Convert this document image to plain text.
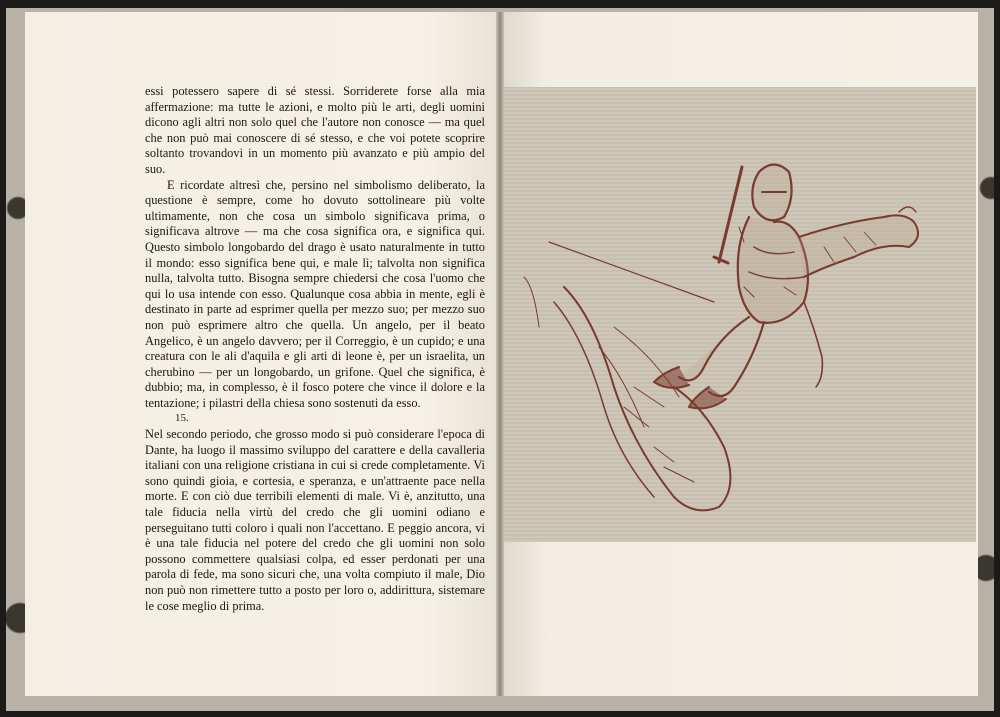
essi potessero sapere di sé stessi. Sorriderete forse alla mia affermazione: ma tutte le azioni, e molto più le arti, degli uomini dicono agli altri non solo quel che l'autore non conosce — ma quel che non può mai conoscere di sé stesso, e che voi potete scoprire soltanto trovandovi in un momento più avanzato e più ampio del suo.

E ricordate altresì che, persino nel simbolismo deliberato, la questione è sempre, come ho dovuto sottolineare più volte ultimamente, non che cosa un simbolo significava prima, o significava altrove — ma che cosa significa ora, e significa qui. Questo simbolo longobardo del drago è usato naturalmente in tutto il mondo: esso significa bene qui, e male lì; talvolta non significa nulla, talvolta tutto. Bisogna sempre chiedersi che cosa l'uomo che qui lo usa intende con esso. Qualunque cosa abbia in mente, egli è destinato in parte ad esprimer quella per mezzo suo; per mezzo suo non può esprimere altro che quella. Un angelo, per il beato Angelico, è un angelo davvero; per il Correggio, è un cupido; e una creatura con le ali d'aquila e gli arti di leone è, per un israelita, un cherubino — per un longobardo, un grifone. Quel che significa, è dubbio; ma, in complesso, è il fosco potere che vince il dolore e la tentazione; i pilastri della chiesa sono sostenuti da esso.

15.

Nel secondo periodo, che grosso modo si può considerare l'epoca di Dante, ha luogo il massimo sviluppo del carattere e della cavalleria italiani con una religione cristiana in cui si crede completamente. Vi sono quindi gioia, e cortesia, e speranza, e un'attraente pace nella morte. E con ciò due terribili elementi di male. Vi è, anzitutto, una tale fiducia nella virtù del credo che gli uomini odiano e perseguitano tutti coloro i quali non l'accettano. E peggio ancora, vi è una tale fiducia nel potere del credo che gli uomini non solo possono commettere qualsiasi colpa, ed esser perdonati per una parola di fede, ma sono sicuri che, una volta compiuto il male, Dio non può non rimettere tutto a posto per loro o, addirittura, sistemare le cose meglio di prima.
